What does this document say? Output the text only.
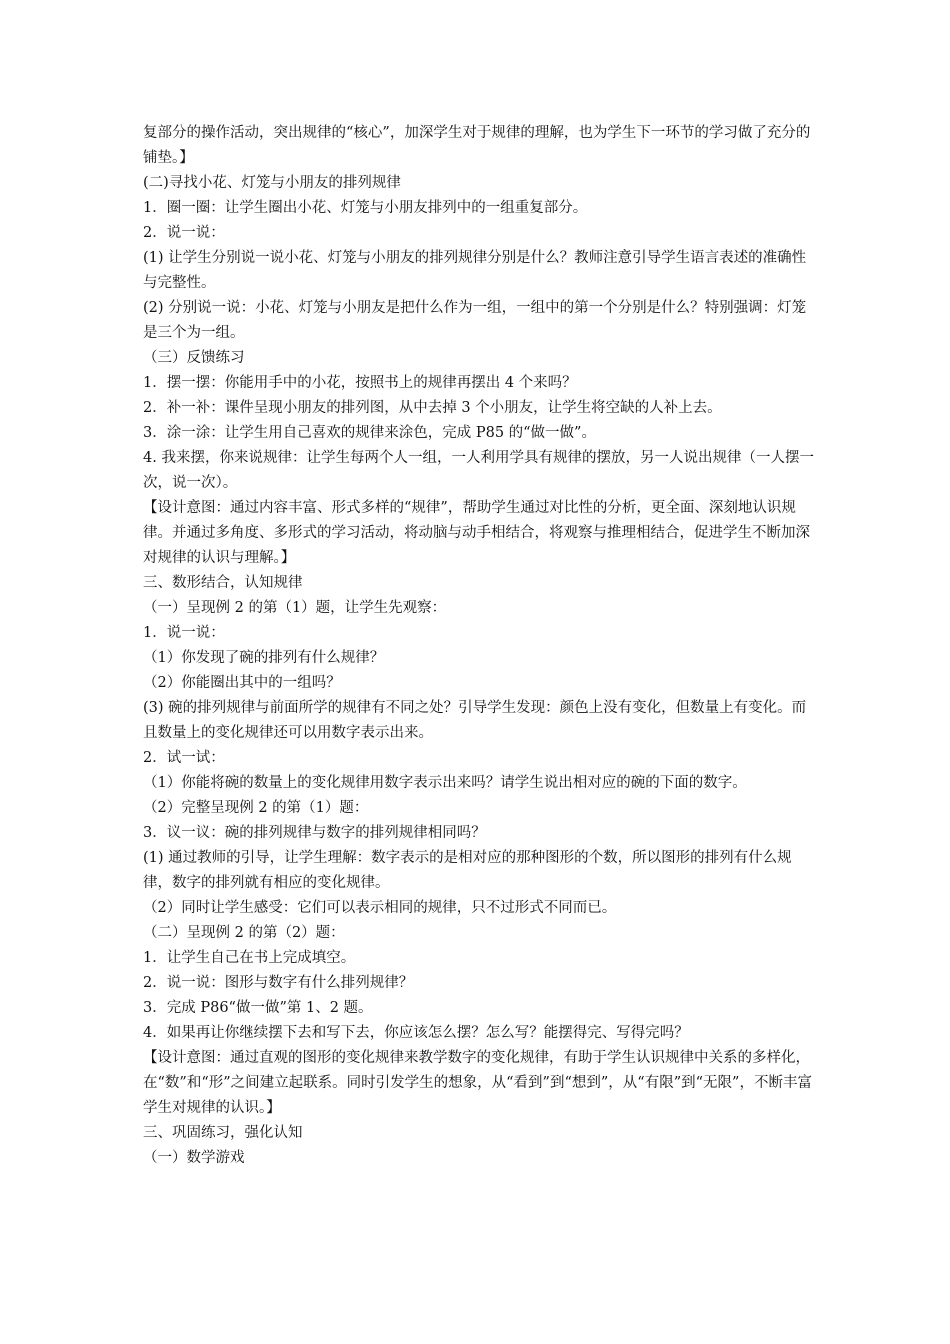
复部分的操作活动，突出规律的“核心”，加深学生对于规律的理解，也为学生下一环节的学习做了充分的铺垫。】

(二)寻找小花、灯笼与小朋友的排列规律

1．圈一圈：让学生圈出小花、灯笼与小朋友排列中的一组重复部分。

2．说一说：

(1) 让学生分别说一说小花、灯笼与小朋友的排列规律分别是什么？教师注意引导学生语言表述的准确性与完整性。

(2) 分别说一说：小花、灯笼与小朋友是把什么作为一组，一组中的第一个分别是什么？特别强调：灯笼是三个为一组。

（三）反馈练习

1．摆一摆：你能用手中的小花，按照书上的规律再摆出 4 个来吗？

2．补一补：课件呈现小朋友的排列图，从中去掉 3 个小朋友，让学生将空缺的人补上去。

3．涂一涂：让学生用自己喜欢的规律来涂色，完成 P85 的“做一做”。

4. 我来摆，你来说规律：让学生每两个人一组，一人利用学具有规律的摆放，另一人说出规律（一人摆一次，说一次）。

【设计意图：通过内容丰富、形式多样的“规律”，帮助学生通过对比性的分析，更全面、深刻地认识规律。并通过多角度、多形式的学习活动，将动脑与动手相结合，将观察与推理相结合，促进学生不断加深对规律的认识与理解。】

三、数形结合，认知规律

（一）呈现例 2 的第（1）题，让学生先观察：

1．说一说：

（1）你发现了碗的排列有什么规律？

（2）你能圈出其中的一组吗？

(3) 碗的排列规律与前面所学的规律有不同之处？引导学生发现：颜色上没有变化，但数量上有变化。而且数量上的变化规律还可以用数字表示出来。

2．试一试：

（1）你能将碗的数量上的变化规律用数字表示出来吗？请学生说出相对应的碗的下面的数字。

（2）完整呈现例 2 的第（1）题：

3．议一议：碗的排列规律与数字的排列规律相同吗？

(1) 通过教师的引导，让学生理解：数字表示的是相对应的那种图形的个数，所以图形的排列有什么规律，数字的排列就有相应的变化规律。

（2）同时让学生感受：它们可以表示相同的规律，只不过形式不同而已。

（二）呈现例 2 的第（2）题：

1．让学生自己在书上完成填空。

2．说一说：图形与数字有什么排列规律？

3．完成 P86“做一做”第 1、2 题。

4．如果再让你继续摆下去和写下去，你应该怎么摆？怎么写？能摆得完、写得完吗？

【设计意图：通过直观的图形的变化规律来教学数字的变化规律，有助于学生认识规律中关系的多样化，在“数”和“形”之间建立起联系。同时引发学生的想象，从“看到”到“想到”，从“有限”到“无限”，不断丰富学生对规律的认识。】

三、巩固练习，强化认知

（一）数学游戏
